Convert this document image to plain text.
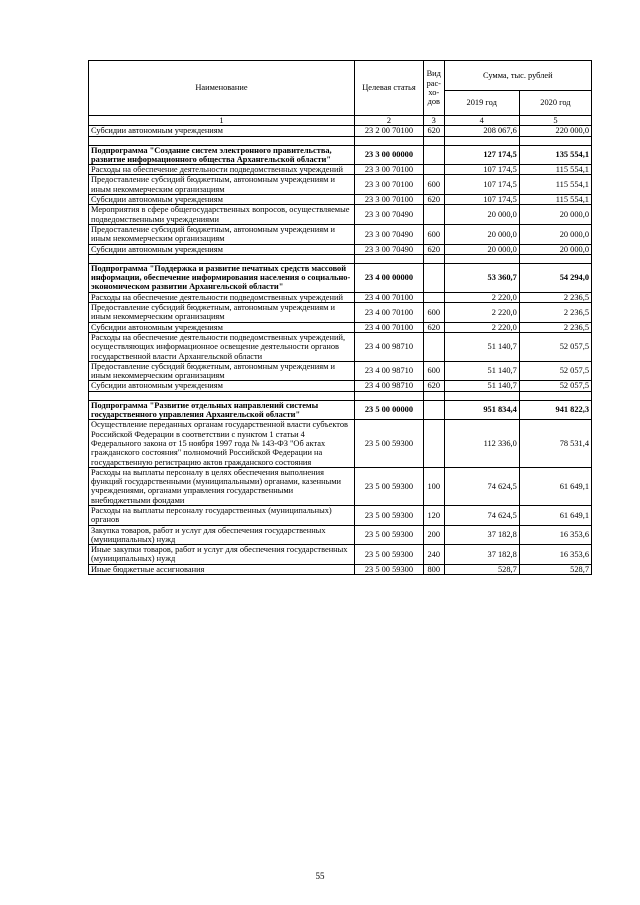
Наименование	Целевая статья	Вид
рас-
хо-
дов	Сумма, тыс. рублей	
			2019 год	2020 год
1	2	3	4	5
Субсидии автономным учреждениям	23 2 00 70100	620	208 067,6	220 000,0

Подпрограмма "Создание систем электронного правительства, развитие информационного общества Архангельской области"	23 3 00 00000		127 174,5	135 554,1
Расходы на обеспечение деятельности подведомственных учреждений	23 3 00 70100		107 174,5	115 554,1
Предоставление субсидий бюджетным, автономным учреждениям и иным некоммерческим организациям	23 3 00 70100	600	107 174,5	115 554,1
Субсидии автономным учреждениям	23 3 00 70100	620	107 174,5	115 554,1
Мероприятия в сфере общегосударственных вопросов, осуществляемые подведомственными учреждениями	23 3 00 70490		20 000,0	20 000,0
Предоставление субсидий бюджетным, автономным учреждениям и иным некоммерческим организациям	23 3 00 70490	600	20 000,0	20 000,0
Субсидии автономным учреждениям	23 3 00 70490	620	20 000,0	20 000,0

Подпрограмма "Поддержка и развитие печатных средств массовой информации, обеспечение информирования населения о социально-экономическом развитии Архангельской области"	23 4 00 00000		53 360,7	54 294,0
Расходы на обеспечение деятельности подведомственных учреждений	23 4 00 70100		2 220,0	2 236,5
Предоставление субсидий бюджетным, автономным учреждениям и иным некоммерческим организациям	23 4 00 70100	600	2 220,0	2 236,5
Субсидии автономным учреждениям	23 4 00 70100	620	2 220,0	2 236,5
Расходы на обеспечение деятельности подведомственных учреждений, осуществляющих информационное освещение деятельности органов государственной власти Архангельской области	23 4 00 98710		51 140,7	52 057,5
Предоставление субсидий бюджетным, автономным учреждениям и иным некоммерческим организациям	23 4 00 98710	600	51 140,7	52 057,5
Субсидии автономным учреждениям	23 4 00 98710	620	51 140,7	52 057,5

Подпрограмма "Развитие отдельных направлений системы государственного управления Архангельской области"	23 5 00 00000		951 834,4	941 822,3
Осуществление переданных органам государственной власти субъектов Российской Федерации в соответствии с пунктом 1 статьи 4 Федерального закона от 15 ноября 1997 года № 143-ФЗ "Об актах гражданского состояния" полномочий Российской Федерации на государственную регистрацию актов гражданского состояния	23 5 00 59300		112 336,0	78 531,4
Расходы на выплаты персоналу в целях обеспечения выполнения функций государственными (муниципальными) органами, казенными учреждениями, органами управления государственными внебюджетными фондами	23 5 00 59300	100	74 624,5	61 649,1
Расходы на выплаты персоналу государственных (муниципальных) органов	23 5 00 59300	120	74 624,5	61 649,1
Закупка товаров, работ и услуг для обеспечения государственных (муниципальных) нужд	23 5 00 59300	200	37 182,8	16 353,6
Иные закупки товаров, работ и услуг для обеспечения государственных (муниципальных) нужд	23 5 00 59300	240	37 182,8	16 353,6
Иные бюджетные ассигнования	23 5 00 59300	800	528,7	528,7
55
